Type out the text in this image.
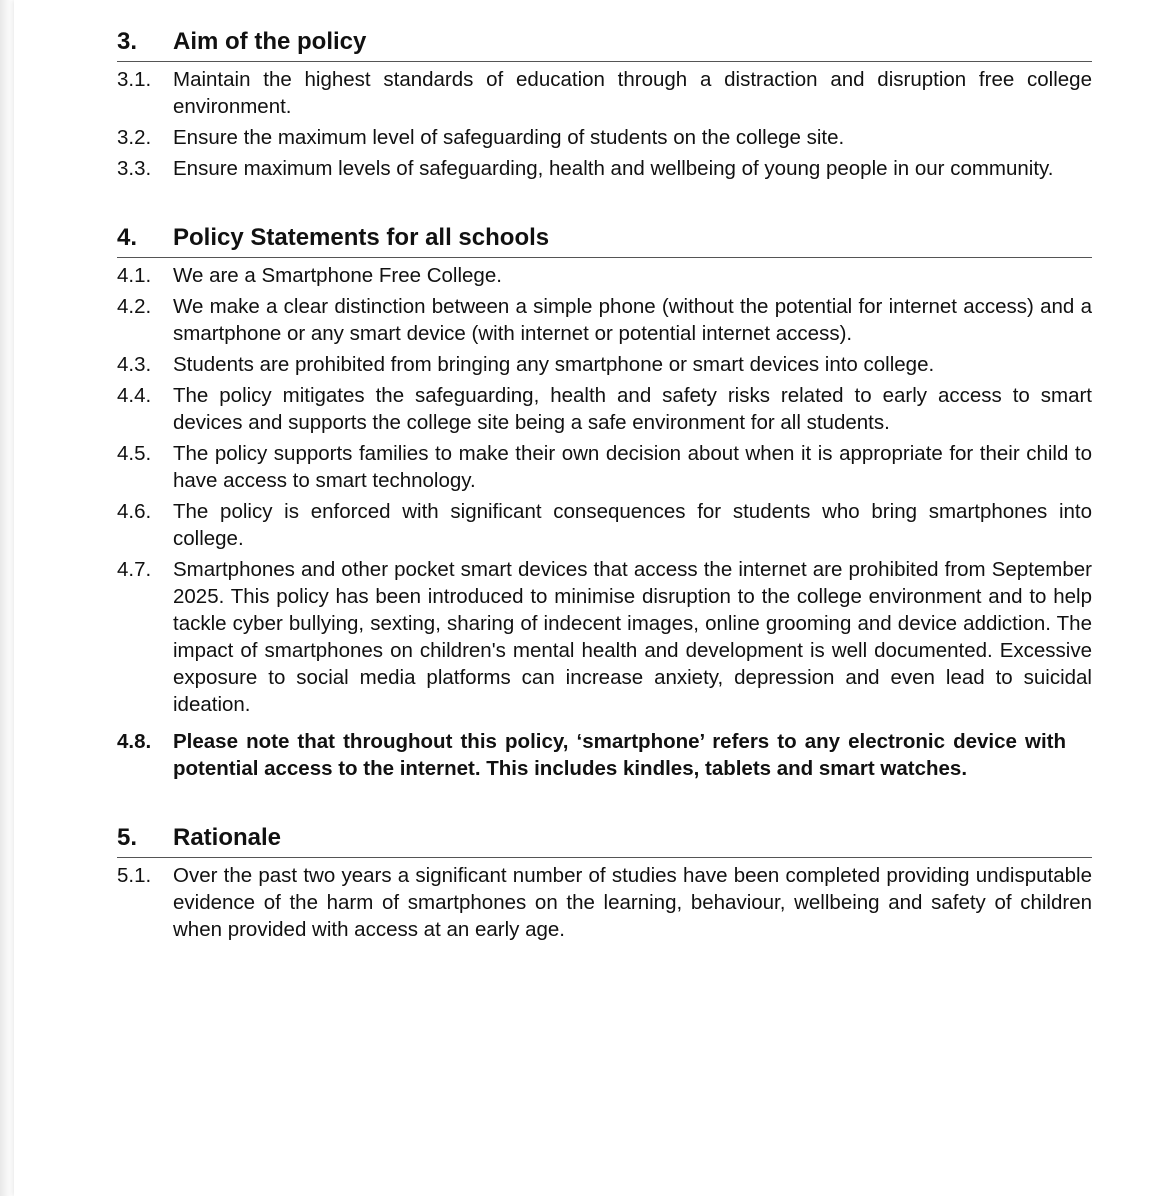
3.	Aim of the policy
3.1.	Maintain the highest standards of education through a distraction and disruption free college environment.
3.2.	Ensure the maximum level of safeguarding of students on the college site.
3.3.	Ensure maximum levels of safeguarding, health and wellbeing of young people in our community.
4.	Policy Statements for all schools
4.1.	We are a Smartphone Free College.
4.2.	We make a clear distinction between a simple phone (without the potential for internet access) and a smartphone or any smart device (with internet or potential internet access).
4.3.	Students are prohibited from bringing any smartphone or smart devices into college.
4.4.	The policy mitigates the safeguarding, health and safety risks related to early access to smart devices and supports the college site being a safe environment for all students.
4.5.	The policy supports families to make their own decision about when it is appropriate for their child to have access to smart technology.
4.6.	The policy is enforced with significant consequences for students who bring smartphones into college.
4.7.	Smartphones and other pocket smart devices that access the internet are prohibited from September 2025. This policy has been introduced to minimise disruption to the college environment and to help tackle cyber bullying, sexting, sharing of indecent images, online grooming and device addiction. The impact of smartphones on children's mental health and development is well documented. Excessive exposure to social media platforms can increase anxiety, depression and even lead to suicidal ideation.
4.8.	Please note that throughout this policy, ‘smartphone’ refers to any electronic device with potential access to the internet. This includes kindles, tablets and smart watches.
5.	Rationale
5.1.	Over the past two years a significant number of studies have been completed providing undisputable evidence of the harm of smartphones on the learning, behaviour, wellbeing and safety of children when provided with access at an early age.
